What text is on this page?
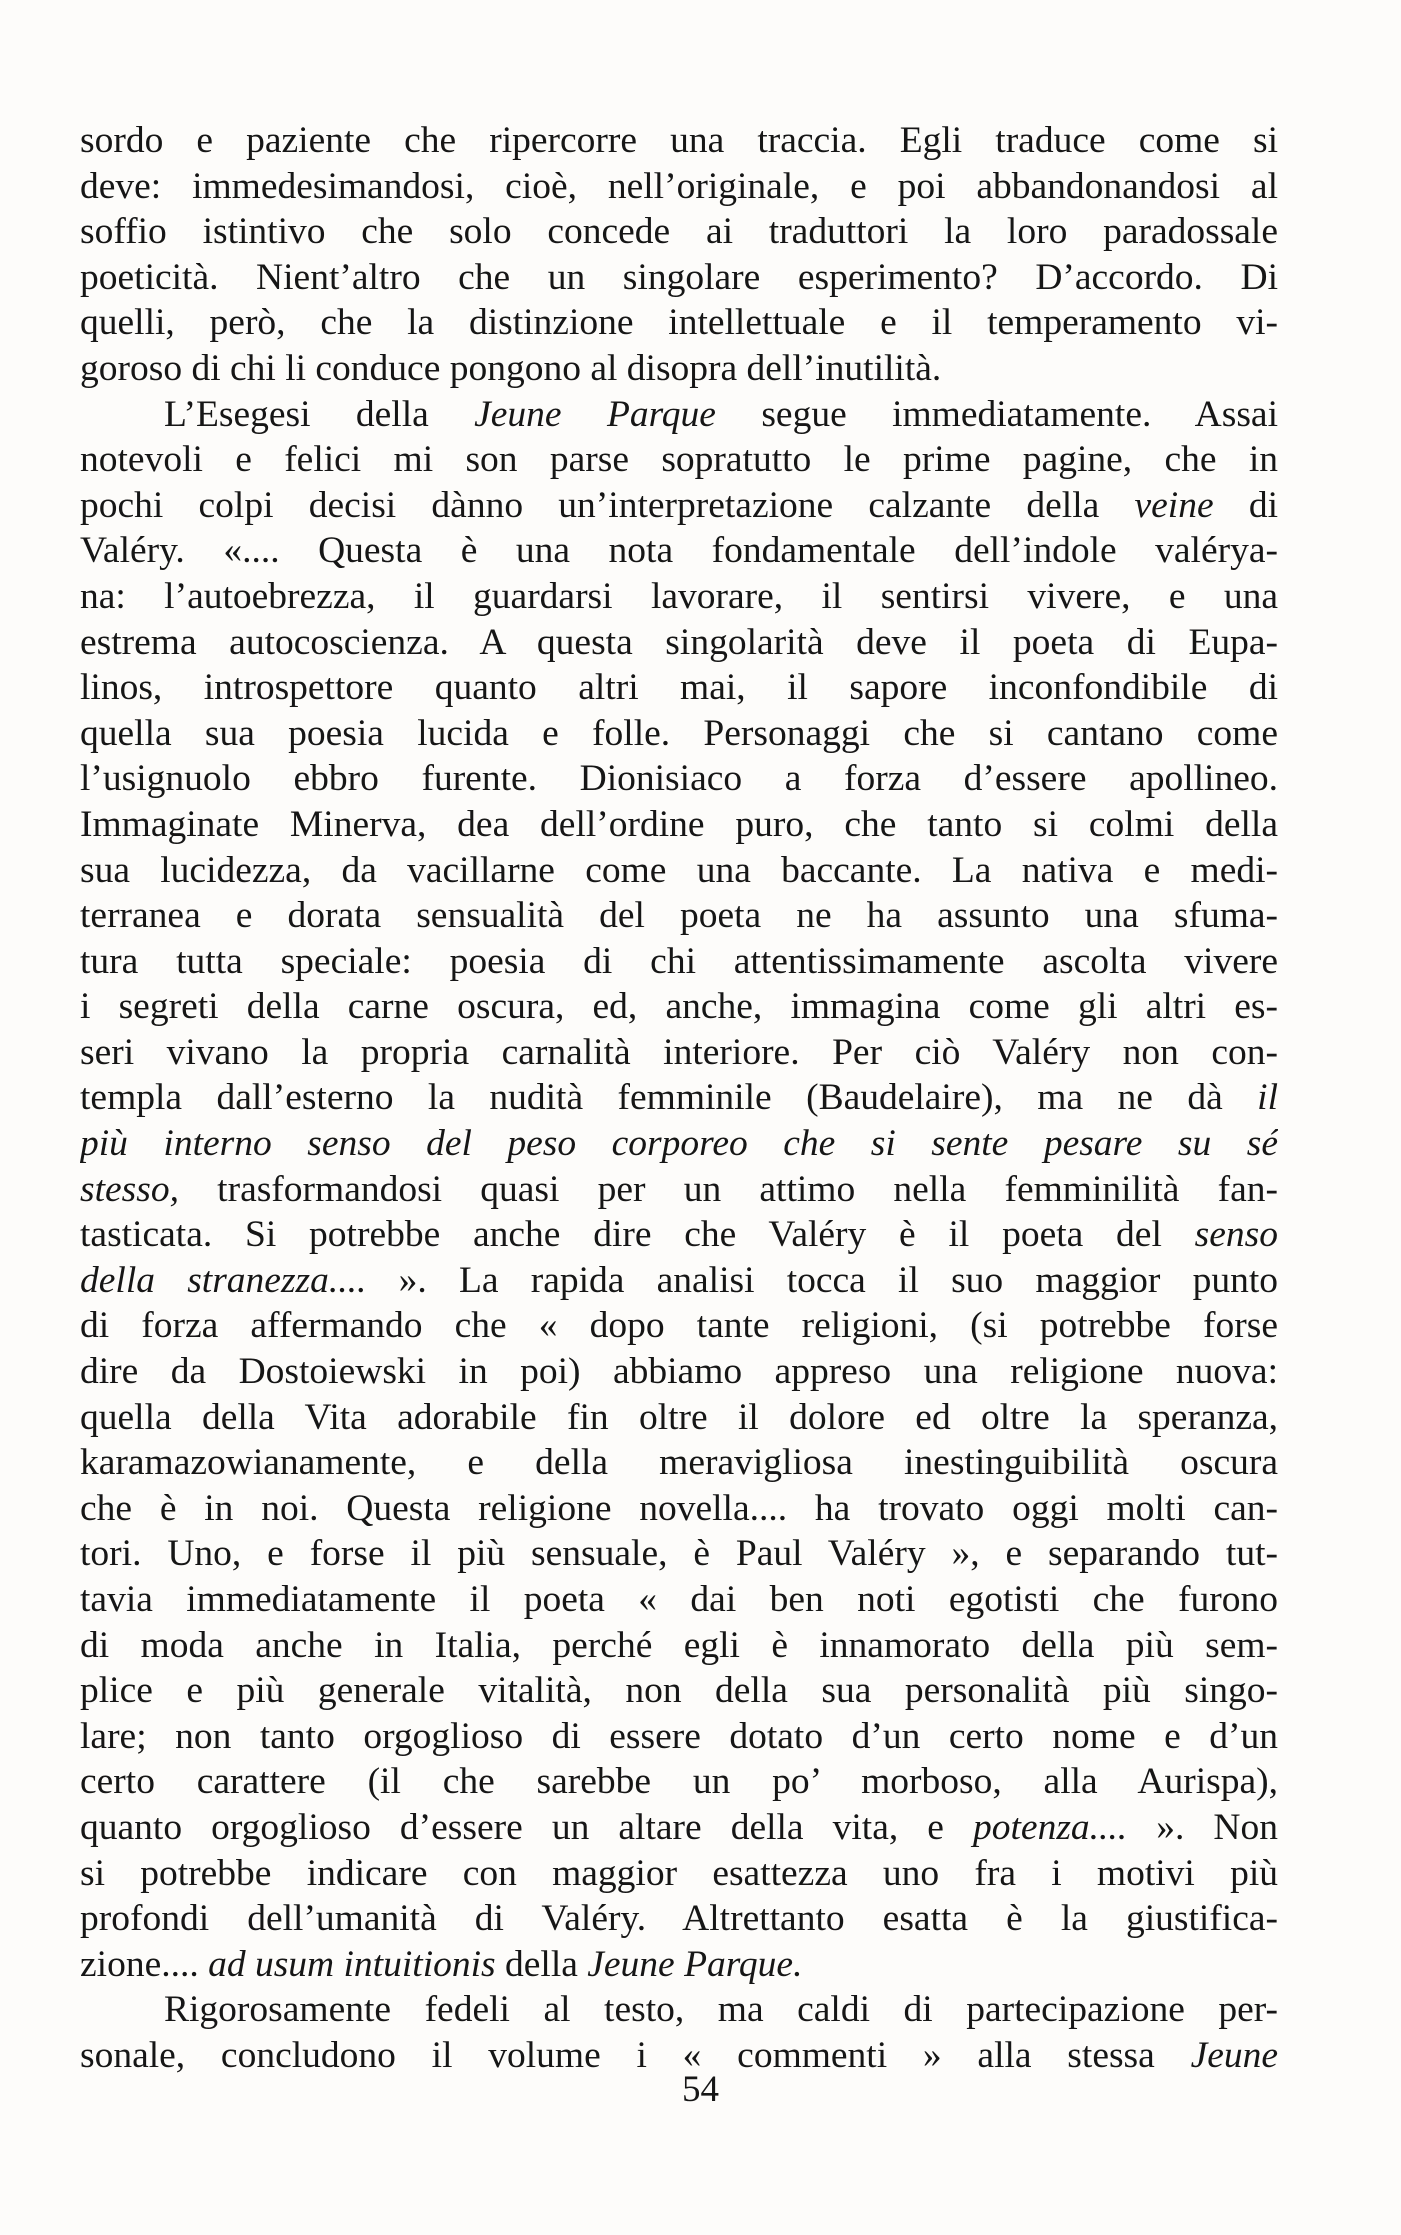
sordo e paziente che ripercorre una traccia. Egli traduce come si
deve: immedesimandosi, cioè, nell’originale, e poi abbandonandosi al
soffio istintivo che solo concede ai traduttori la loro paradossale
poeticità. Nient’altro che un singolare esperimento? D’accordo. Di
quelli, però, che la distinzione intellettuale e il temperamento vi-
goroso di chi li conduce pongono al disopra dell’inutilità.
L’Esegesi della Jeune Parque segue immediatamente. Assai
notevoli e felici mi son parse sopratutto le prime pagine, che in
pochi colpi decisi dànno un’interpretazione calzante della veine di
Valéry. «.... Questa è una nota fondamentale dell’indole valérya-
na: l’autoebrezza, il guardarsi lavorare, il sentirsi vivere, e una
estrema autocoscienza. A questa singolarità deve il poeta di Eupa-
linos, introspettore quanto altri mai, il sapore inconfondibile di
quella sua poesia lucida e folle. Personaggi che si cantano come
l’usignuolo ebbro furente. Dionisiaco a forza d’essere apollineo.
Immaginate Minerva, dea dell’ordine puro, che tanto si colmi della
sua lucidezza, da vacillarne come una baccante. La nativa e medi-
terranea e dorata sensualità del poeta ne ha assunto una sfuma-
tura tutta speciale: poesia di chi attentissimamente ascolta vivere
i segreti della carne oscura, ed, anche, immagina come gli altri es-
seri vivano la propria carnalità interiore. Per ciò Valéry non con-
templa dall’esterno la nudità femminile (Baudelaire), ma ne dà il
più interno senso del peso corporeo che si sente pesare su sé
stesso, trasformandosi quasi per un attimo nella femminilità fan-
tasticata. Si potrebbe anche dire che Valéry è il poeta del senso
della stranezza.... ». La rapida analisi tocca il suo maggior punto
di forza affermando che « dopo tante religioni, (si potrebbe forse
dire da Dostoiewski in poi) abbiamo appreso una religione nuova:
quella della Vita adorabile fin oltre il dolore ed oltre la speranza,
karamazowianamente, e della meravigliosa inestinguibilità oscura
che è in noi. Questa religione novella.... ha trovato oggi molti can-
tori. Uno, e forse il più sensuale, è Paul Valéry », e separando tut-
tavia immediatamente il poeta « dai ben noti egotisti che furono
di moda anche in Italia, perché egli è innamorato della più sem-
plice e più generale vitalità, non della sua personalità più singo-
lare; non tanto orgoglioso di essere dotato d’un certo nome e d’un
certo carattere (il che sarebbe un po’ morboso, alla Aurispa),
quanto orgoglioso d’essere un altare della vita, e potenza.... ». Non
si potrebbe indicare con maggior esattezza uno fra i motivi più
profondi dell’umanità di Valéry. Altrettanto esatta è la giustifica-
zione.... ad usum intuitionis della Jeune Parque.
Rigorosamente fedeli al testo, ma caldi di partecipazione per-
sonale, concludono il volume i « commenti » alla stessa Jeune
54
